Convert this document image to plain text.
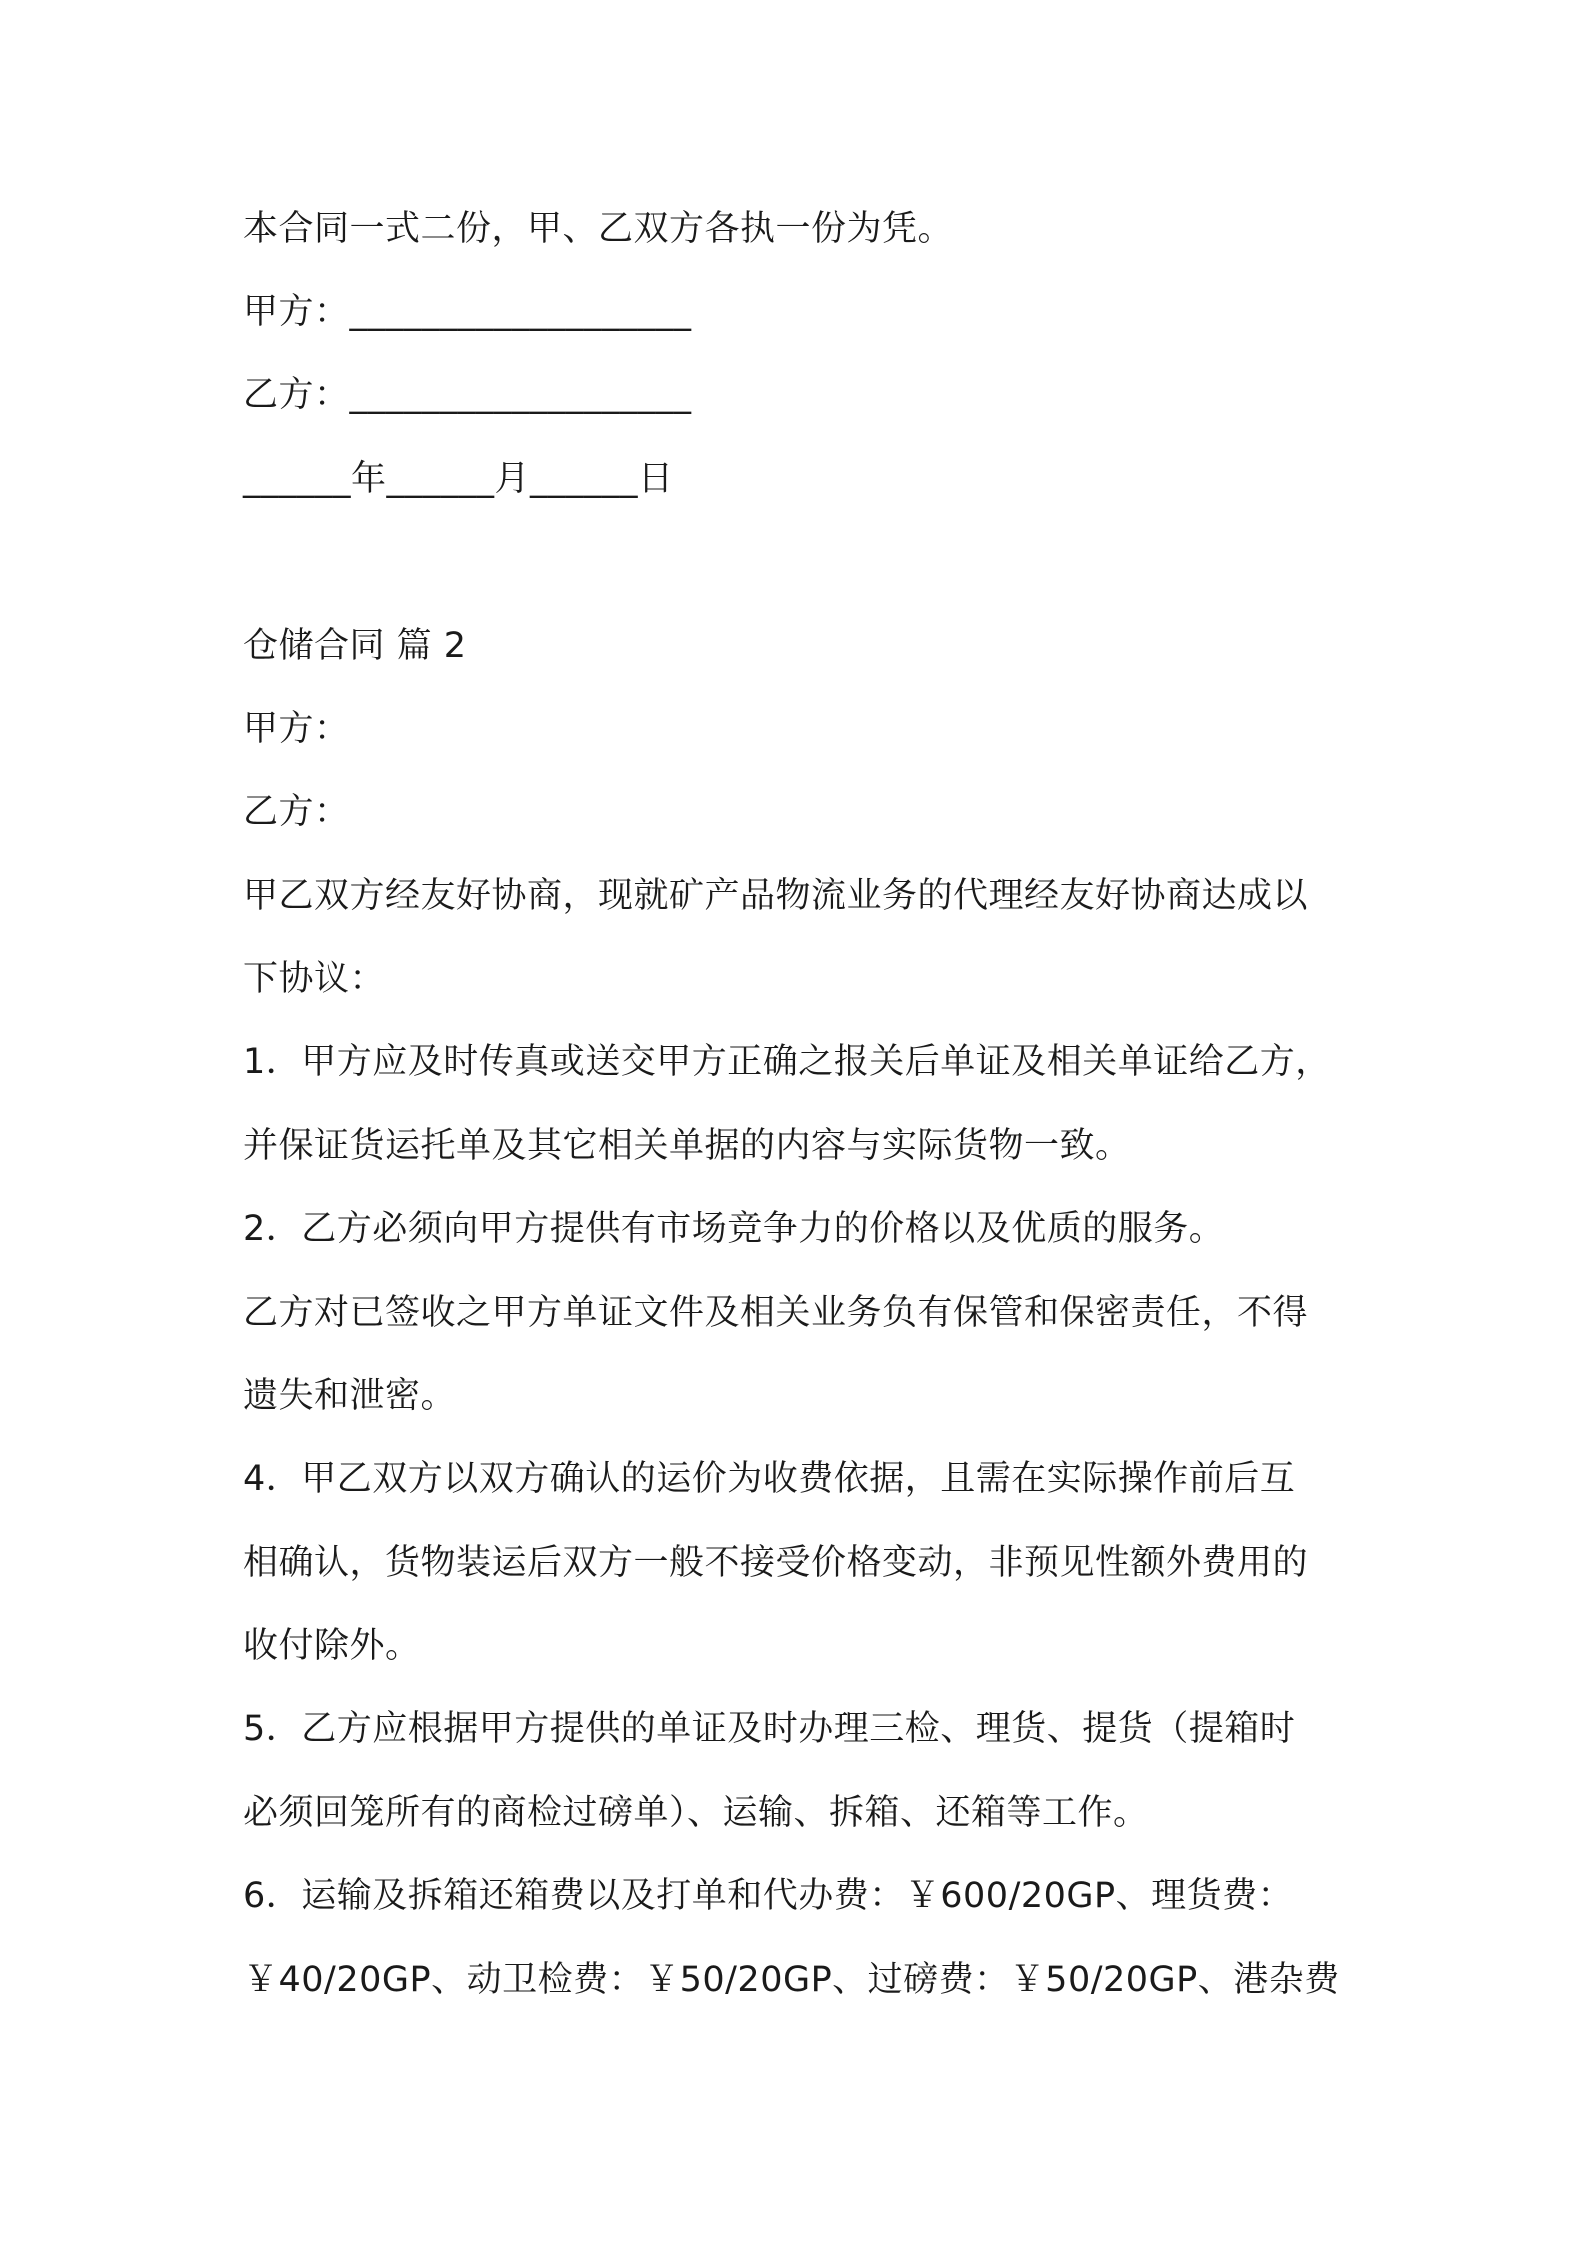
本合同一式二份，甲、乙双方各执一份为凭。
甲方：___________________
乙方：___________________
______年______月______日
仓储合同 篇 2
甲方：
乙方：
甲乙双方经友好协商，现就矿产品物流业务的代理经友好协商达成以
下协议：
1．甲方应及时传真或送交甲方正确之报关后单证及相关单证给乙方，
并保证货运托单及其它相关单据的内容与实际货物一致。
2．乙方必须向甲方提供有市场竞争力的价格以及优质的服务。
乙方对已签收之甲方单证文件及相关业务负有保管和保密责任，不得
遗失和泄密。
4．甲乙双方以双方确认的运价为收费依据，且需在实际操作前后互
相确认，货物装运后双方一般不接受价格变动，非预见性额外费用的
收付除外。
5．乙方应根据甲方提供的单证及时办理三检、理货、提货（提箱时
必须回笼所有的商检过磅单）、运输、拆箱、还箱等工作。
6．运输及拆箱还箱费以及打单和代办费：￥600/20GP、理货费：
￥40/20GP、动卫检费：￥50/20GP、过磅费：￥50/20GP、港杂费
